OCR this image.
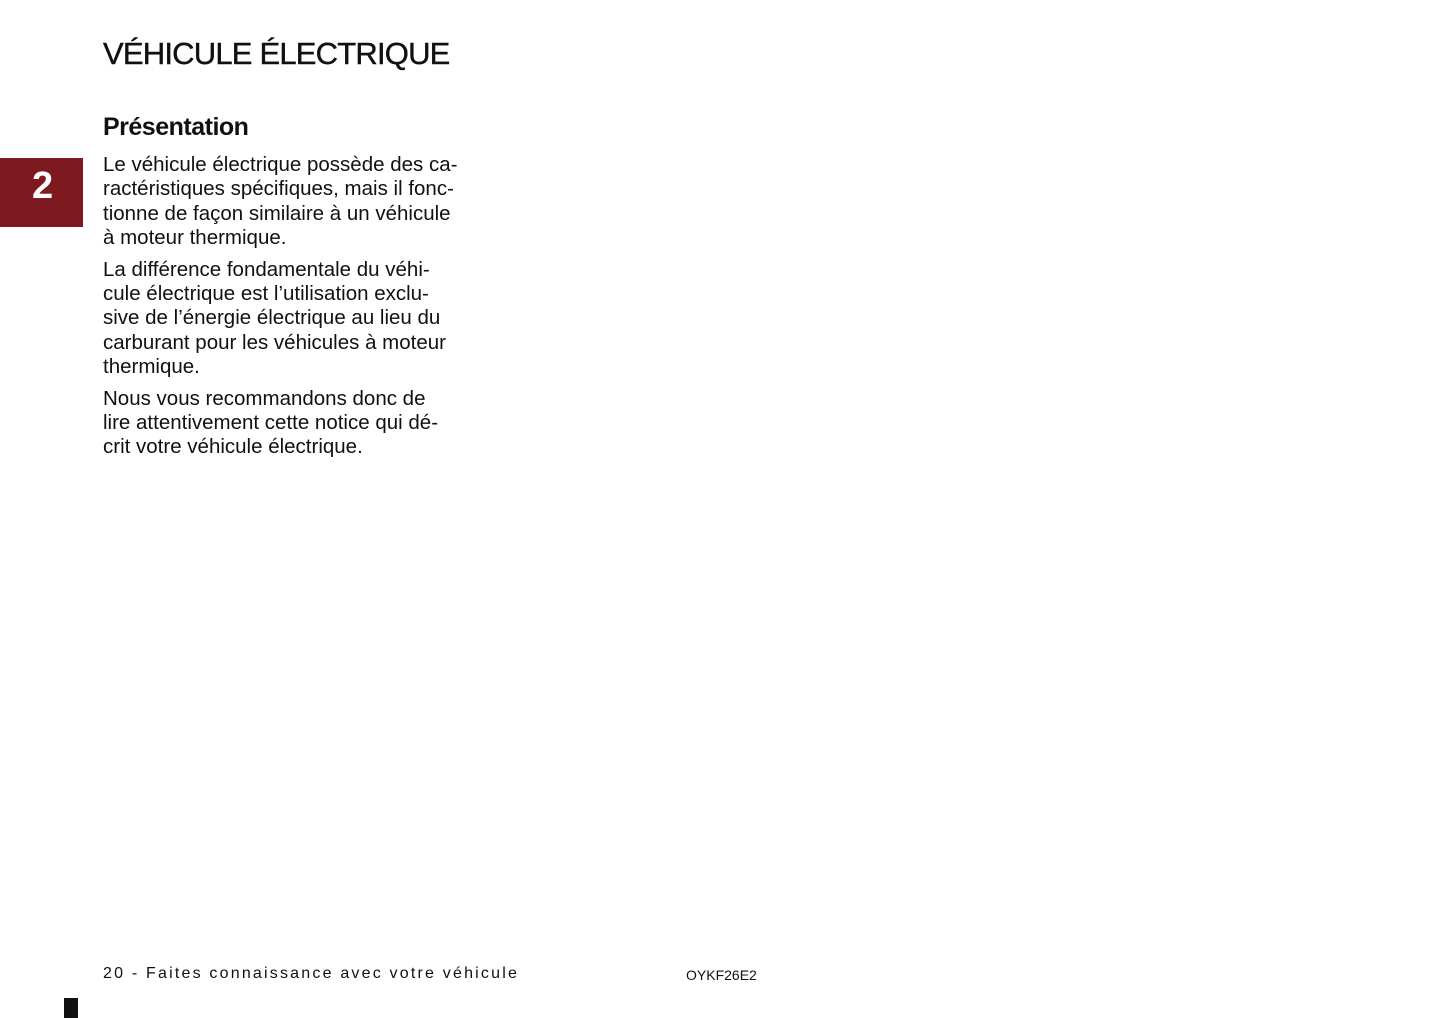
VÉHICULE ÉLECTRIQUE
Présentation
2

Le véhicule électrique possède des ca-
ractéristiques spécifiques, mais il fonc-
tionne de façon similaire à un véhicule
à moteur thermique.

La différence fondamentale du véhi-
cule électrique est l’utilisation exclu-
sive de l’énergie électrique au lieu du
carburant pour les véhicules à moteur
thermique.

Nous vous recommandons donc de
lire attentivement cette notice qui dé-
crit votre véhicule électrique.

20 - Faites connaissance avec votre véhicule	OYKF26E2
